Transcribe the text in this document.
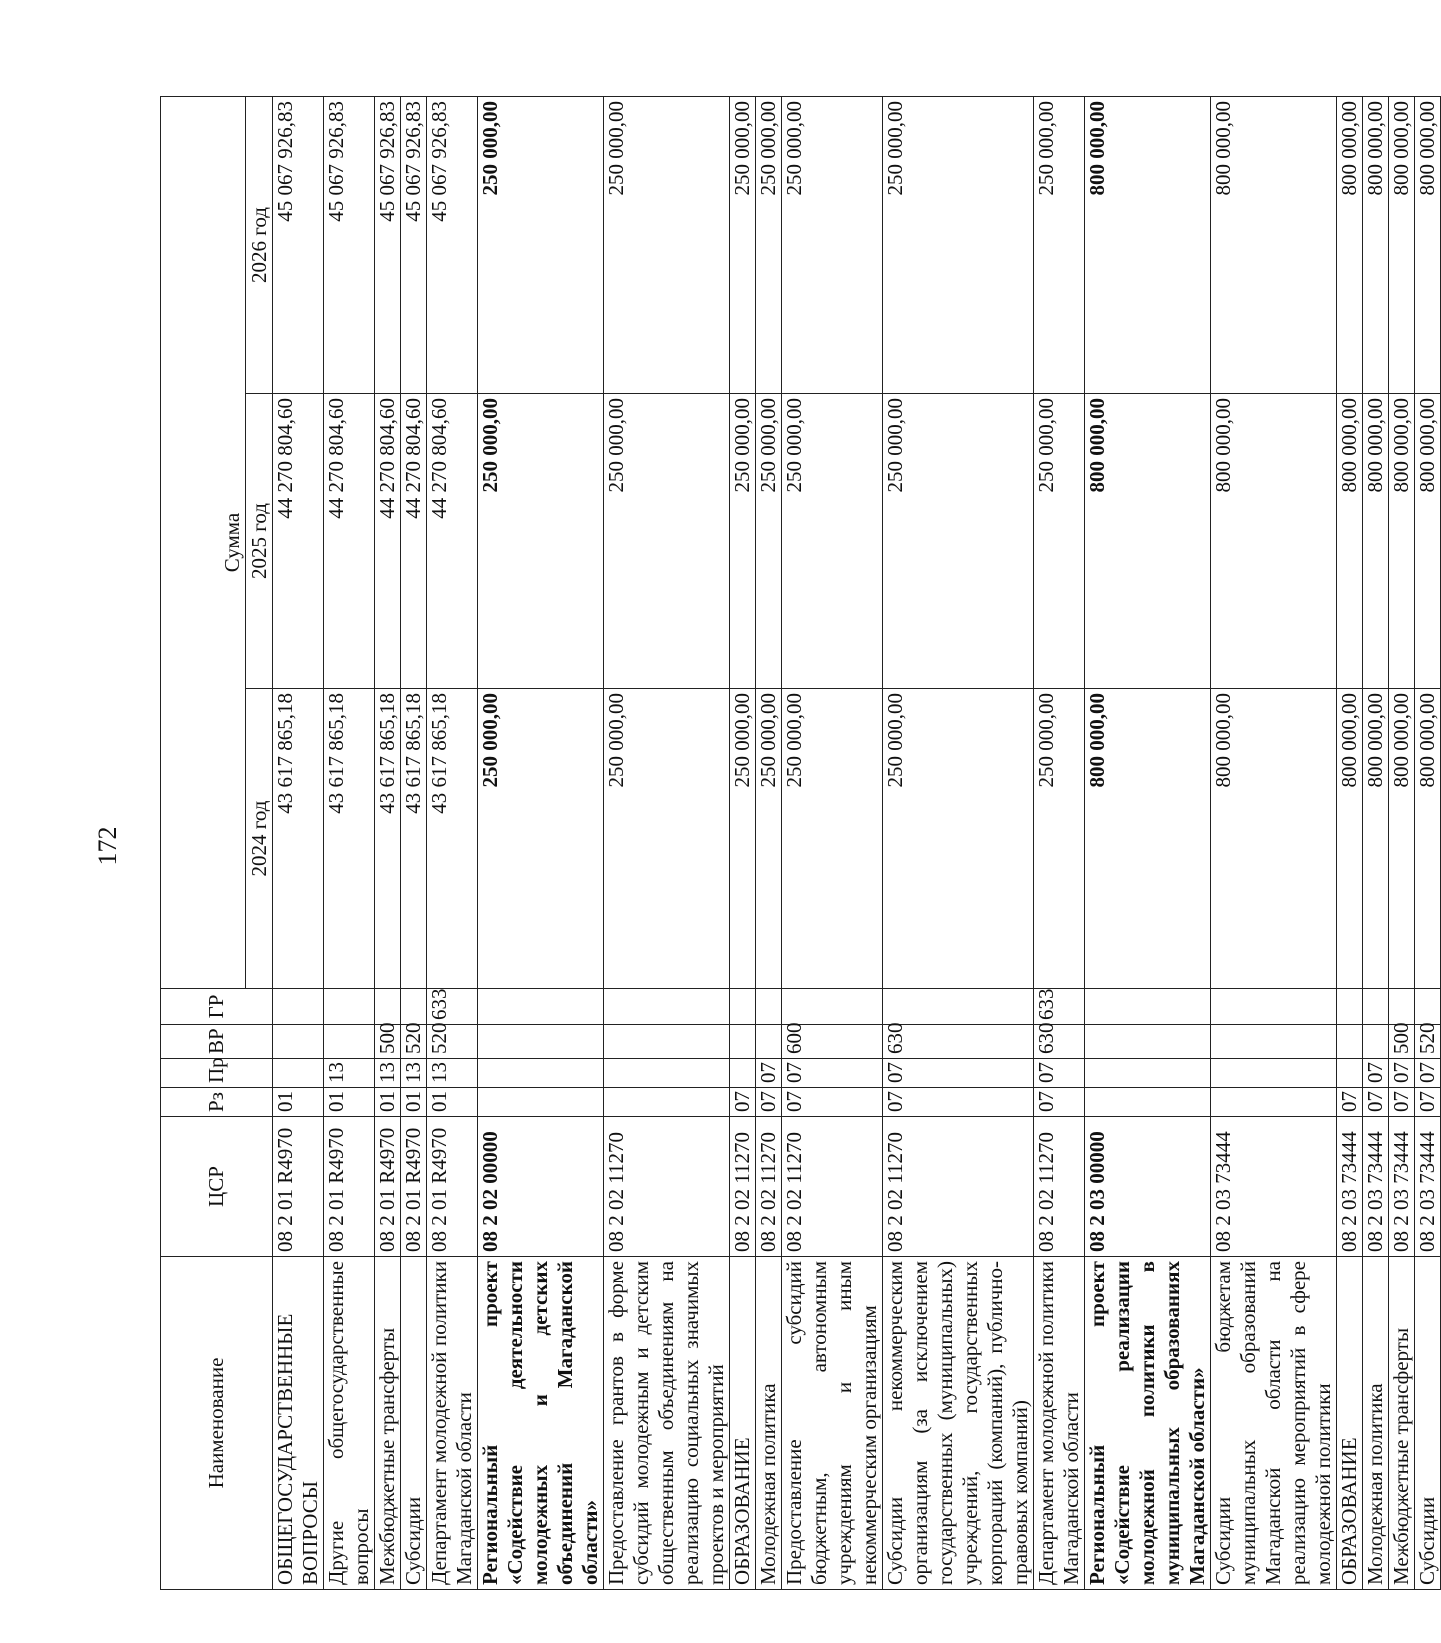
172
Наименование	ЦСР	Рз	Пр	ВР	ГР	Сумма		
						2024 год	2025 год	2026 год
ОБЩЕГОСУДАРСТВЕННЫЕ ВОПРОСЫ	08 2 01 R4970	01				43 617 865,18	44 270 804,60	45 067 926,83
Другие общегосударственные вопросы	08 2 01 R4970	01	13			43 617 865,18	44 270 804,60	45 067 926,83
Межбюджетные трансферты	08 2 01 R4970	01	13	500		43 617 865,18	44 270 804,60	45 067 926,83
Субсидии	08 2 01 R4970	01	13	520		43 617 865,18	44 270 804,60	45 067 926,83
Департамент молодежной политики Магаданской области	08 2 01 R4970	01	13	520	633	43 617 865,18	44 270 804,60	45 067 926,83
Региональный проект «Содействие деятельности молодежных и детских объединений Магаданской области»	08 2 02 00000					250 000,00	250 000,00	250 000,00
Предоставление грантов в форме субсидий молодежным и детским общественным объединениям на реализацию социальных значимых проектов и мероприятий	08 2 02 11270					250 000,00	250 000,00	250 000,00
ОБРАЗОВАНИЕ	08 2 02 11270	07				250 000,00	250 000,00	250 000,00
Молодежная политика	08 2 02 11270	07	07			250 000,00	250 000,00	250 000,00
Предоставление субсидий бюджетным, автономным учреждениям и иным некоммерческим организациям	08 2 02 11270	07	07	600		250 000,00	250 000,00	250 000,00
Субсидии некоммерческим организациям (за исключением государственных (муниципальных) учреждений, государственных корпораций (компаний), публично-правовых компаний)	08 2 02 11270	07	07	630		250 000,00	250 000,00	250 000,00
Департамент молодежной политики Магаданской области	08 2 02 11270	07	07	630	633	250 000,00	250 000,00	250 000,00
Региональный проект «Содействие реализации молодежной политики в муниципальных образованиях Магаданской области»	08 2 03 00000					800 000,00	800 000,00	800 000,00
Субсидии бюджетам муниципальных образований Магаданской области на реализацию мероприятий в сфере молодежной политики	08 2 03 73444					800 000,00	800 000,00	800 000,00
ОБРАЗОВАНИЕ	08 2 03 73444	07				800 000,00	800 000,00	800 000,00
Молодежная политика	08 2 03 73444	07	07			800 000,00	800 000,00	800 000,00
Межбюджетные трансферты	08 2 03 73444	07	07	500		800 000,00	800 000,00	800 000,00
Субсидии	08 2 03 73444	07	07	520		800 000,00	800 000,00	800 000,00
